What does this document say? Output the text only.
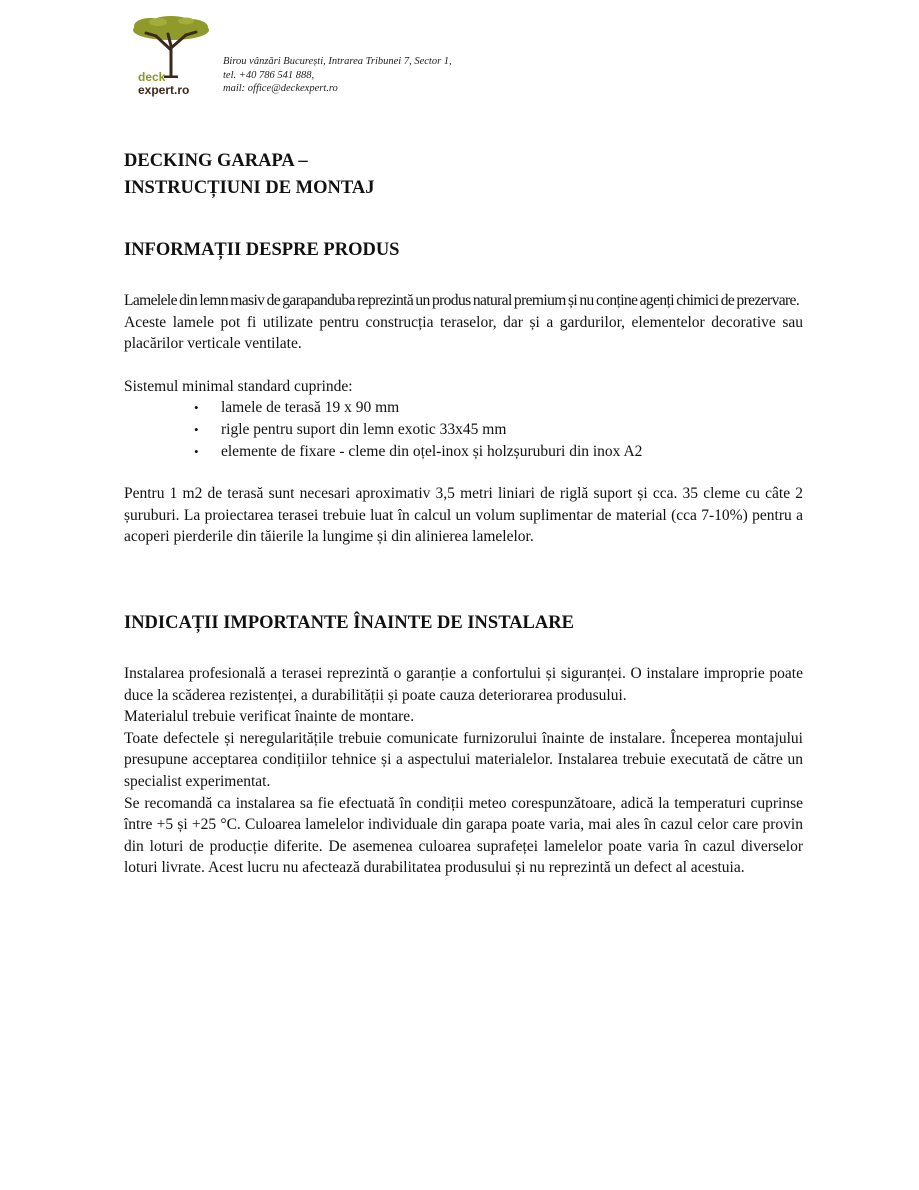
deck
expert.ro
Birou vânzări București, Intrarea Tribunei 7, Sector 1,
tel. +40 786 541 888,
mail: office@deckexpert.ro
DECKING GARAPA –
INSTRUCȚIUNI DE MONTAJ
INFORMAȚII DESPRE PRODUS

Lamelele din lemn masiv de garapanduba reprezintă un produs natural premium și nu conține agenți chimici de prezervare.

Aceste lamele pot fi utilizate pentru construcția teraselor, dar și a gardurilor, elementelor decorative sau placărilor verticale ventilate.

Sistemul minimal standard cuprinde:

• lamele de terasă 19 x 90 mm
• rigle pentru suport din lemn exotic 33x45 mm
• elemente de fixare - cleme din oțel-inox și holzșuruburi din inox A2

Pentru 1 m2 de terasă sunt necesari aproximativ 3,5 metri liniari de riglă suport și cca. 35 cleme cu câte 2 șuruburi. La proiectarea terasei trebuie luat în calcul un volum suplimentar de material (cca 7-10%) pentru a acoperi pierderile din tăierile la lungime și din alinierea lamelelor.

INDICAȚII IMPORTANTE ÎNAINTE DE INSTALARE

Instalarea profesională a terasei reprezintă o garanție a confortului și siguranței. O instalare improprie poate duce la scăderea rezistenței, a durabilității și poate cauza deteriorarea produsului.

Materialul trebuie verificat înainte de montare.

Toate defectele și neregularitățile trebuie comunicate furnizorului înainte de instalare. Începerea montajului presupune acceptarea condițiilor tehnice și a aspectului materialelor. Instalarea trebuie executată de către un specialist experimentat.

Se recomandă ca instalarea sa fie efectuată în condiții meteo corespunzătoare, adică la temperaturi cuprinse între +5 și +25 °C. Culoarea lamelelor individuale din garapa poate varia, mai ales în cazul celor care provin din loturi de producție diferite. De asemenea culoarea suprafeței lamelelor poate varia în cazul diverselor loturi livrate. Acest lucru nu afectează durabilitatea produsului și nu reprezintă un defect al acestuia.
